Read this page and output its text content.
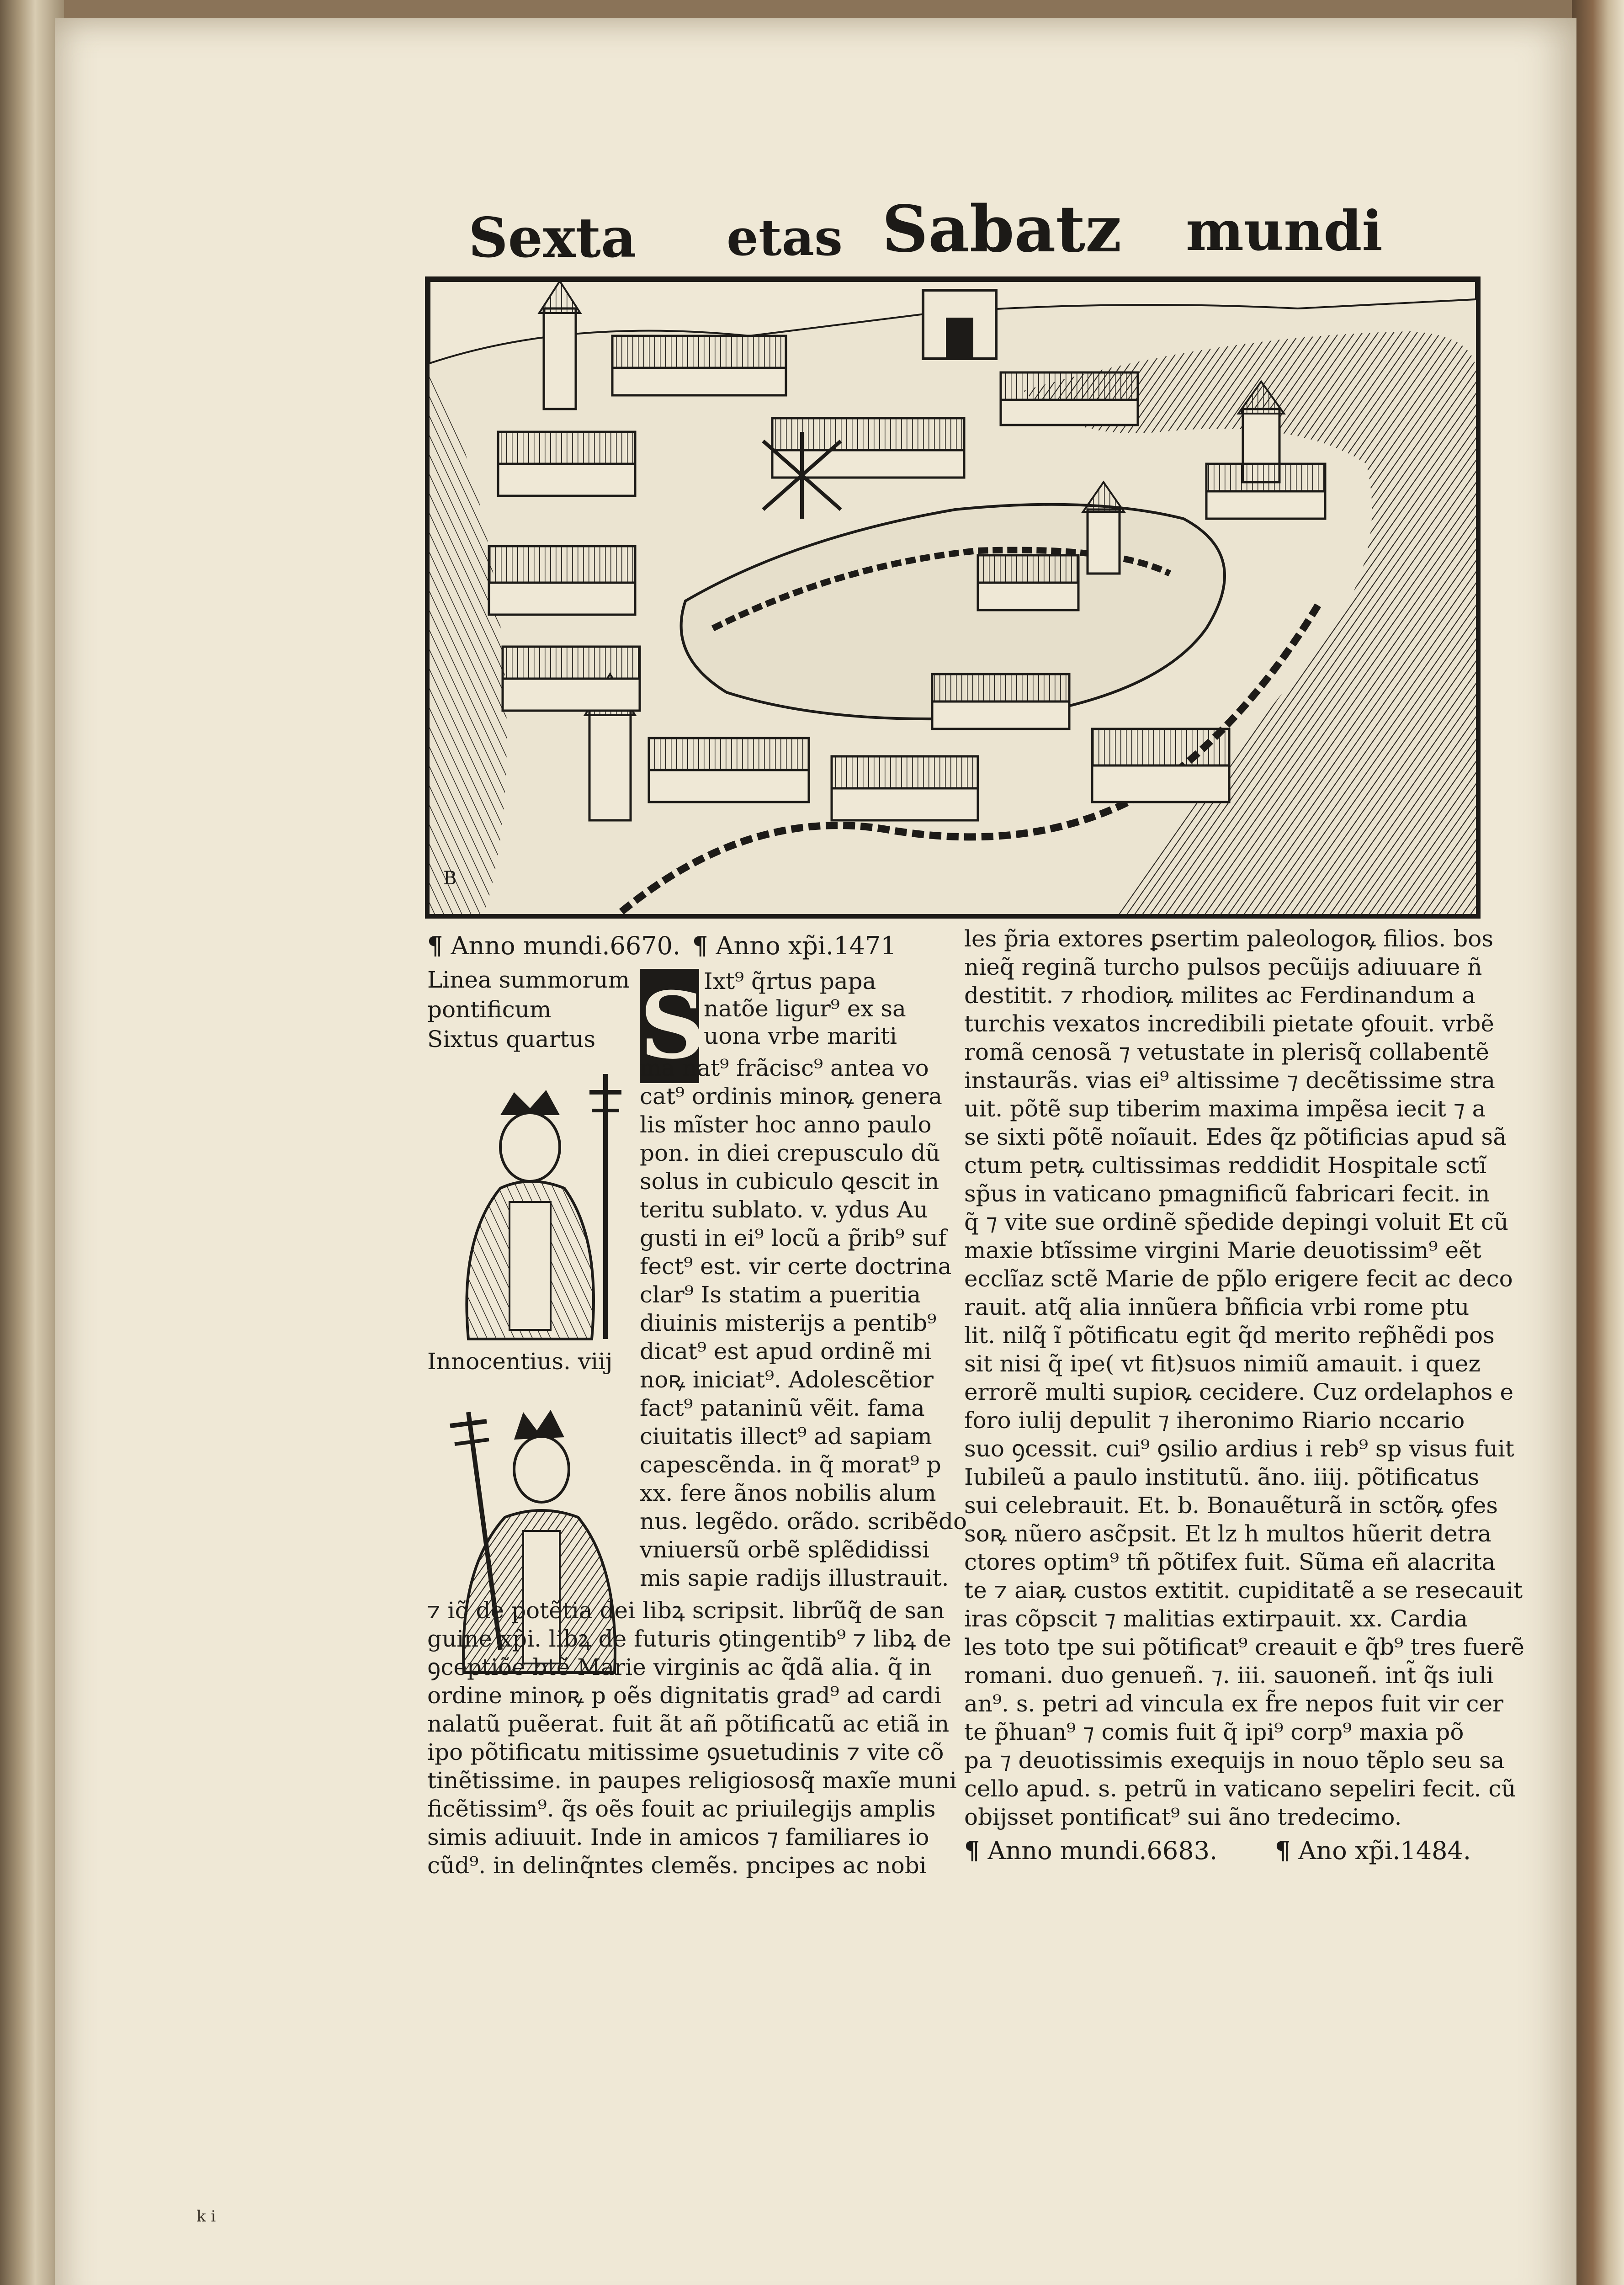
Sexta etas Sabatz mundi
B
¶ Anno mundi.6670. ¶ Anno xp̃i.1471
Linea summorum
pontificum
Sixtus quartus
Innocentius. viij
S
Ixt⁹ q̃rtus papa
natõe ligur⁹ ex sa
uona vrbe mariti
ma nat⁹ frãcisc⁹ antea vo
cat⁹ ordinis minoꝶ genera
lis mĩster hoc anno paulo
pon. in diei crepusculo dũ
solus in cubiculo ꝗescit in
teritu sublato. v. ydus Au
gusti in ei⁹ locũ a p̃rib⁹ suf
fect⁹ est. vir certe doctrina
clar⁹ Is statim a pueritia
diuinis misterijs a pentib⁹
dicat⁹ est apud ordinẽ mi
noꝶ iniciat⁹. Adolescẽtior
fact⁹ pataninũ vẽit. fama
ciuitatis illect⁹ ad sapiam
capescẽnda. in q̃ morat⁹ p
xx. fere ãnos nobilis alum
nus. legẽdo. orãdo. scribẽdo
vniuersũ orbẽ splẽdidissi
mis sapie radijs illustrauit.
⁊ iõ de potẽtia dei libꝝ scripsit. librũq̃ de san
guine xp̃i. libꝝ de futuris ꝯtingentib⁹ ⁊ libꝝ de
ꝯceptiõe btẽ Marie virginis ac q̃dã alia. q̃ in
ordine minoꝶ p oẽs dignitatis grad⁹ ad cardi
nalatũ puẽerat. fuit ãt añ põtificatũ ac etiã in
ipo põtificatu mitissime ꝯsuetudinis ⁊ vite cõ
tinẽtissime. in paupes religiososq̃ maxĩe muni
ficẽtissim⁹. q̃s oẽs fouit ac priuilegijs amplis
simis adiuuit. Inde in amicos ⁊ familiares io
cũd⁹. in delinq̃ntes clemẽs. pncipes ac nobi
les p̃ria extores ꝑsertim paleologoꝶ filios. bos
nieq̃ reginã turcho pulsos pecũijs adiuuare ñ
destitit. ⁊ rhodioꝶ milites ac Ferdinandum a
turchis vexatos incredibili pietate ꝯfouit. vrbẽ
romã cenosã ⁊ vetustate in plerisq̃ collabentẽ
instaurãs. vias ei⁹ altissime ⁊ decẽtissime stra
uit. põtẽ sup tiberim maxima impẽsa iecit ⁊ a
se sixti põtẽ noĩauit. Edes q̃z põtificias apud sã
ctum petꝶ cultissimas reddidit Hospitale sctĩ
sp̃us in vaticano pmagnificũ fabricari fecit. in
q̃ ⁊ vite sue ordinẽ sp̃edide depingi voluit Et cũ
maxie btĩssime virgini Marie deuotissim⁹ eẽt
ecclĩaz sctẽ Marie de pp̃lo erigere fecit ac deco
rauit. atq̃ alia innũera bñficia vrbi rome ptu
lit. nilq̃ ĩ põtificatu egit q̃d merito rep̃hẽdi pos
sit nisi q̃ ipe( vt fit)suos nimiũ amauit. i quez
errorẽ multi supioꝶ cecidere. Cuz ordelaphos e
foro iulij depulit ⁊ iheronimo Riario nccario
suo ꝯcessit. cui⁹ ꝯsilio ardius i reb⁹ sp visus fuit
Iubileũ a paulo institutũ. ãno. iiij. põtificatus
sui celebrauit. Et. b. Bonauẽturã in sctõꝶ ꝯfes
soꝶ nũero asc̃psit. Et lz h multos hũerit detra
ctores optim⁹ tñ põtifex fuit. Sũma eñ alacrita
te ⁊ aiaꝶ custos extitit. cupiditatẽ a se resecauit
iras cõpscit ⁊ malitias extirpauit. xx. Cardia
les toto tpe sui põtificat⁹ creauit e q̃b⁹ tres fuerẽ
romani. duo genueñ. ⁊. iii. sauoneñ. int̃ q̃s iuli
an⁹. s. petri ad vincula ex f̃re nepos fuit vir cer
te p̃huan⁹ ⁊ comis fuit q̃ ipi⁹ corp⁹ maxia põ
pa ⁊ deuotissimis exequijs in nouo tẽplo seu sa
cello apud. s. petrũ in vaticano sepeliri fecit. cũ
obijsset pontificat⁹ sui ãno tredecimo.
¶ Anno mundi.6683. ¶ Ano xp̃i.1484.
k i
